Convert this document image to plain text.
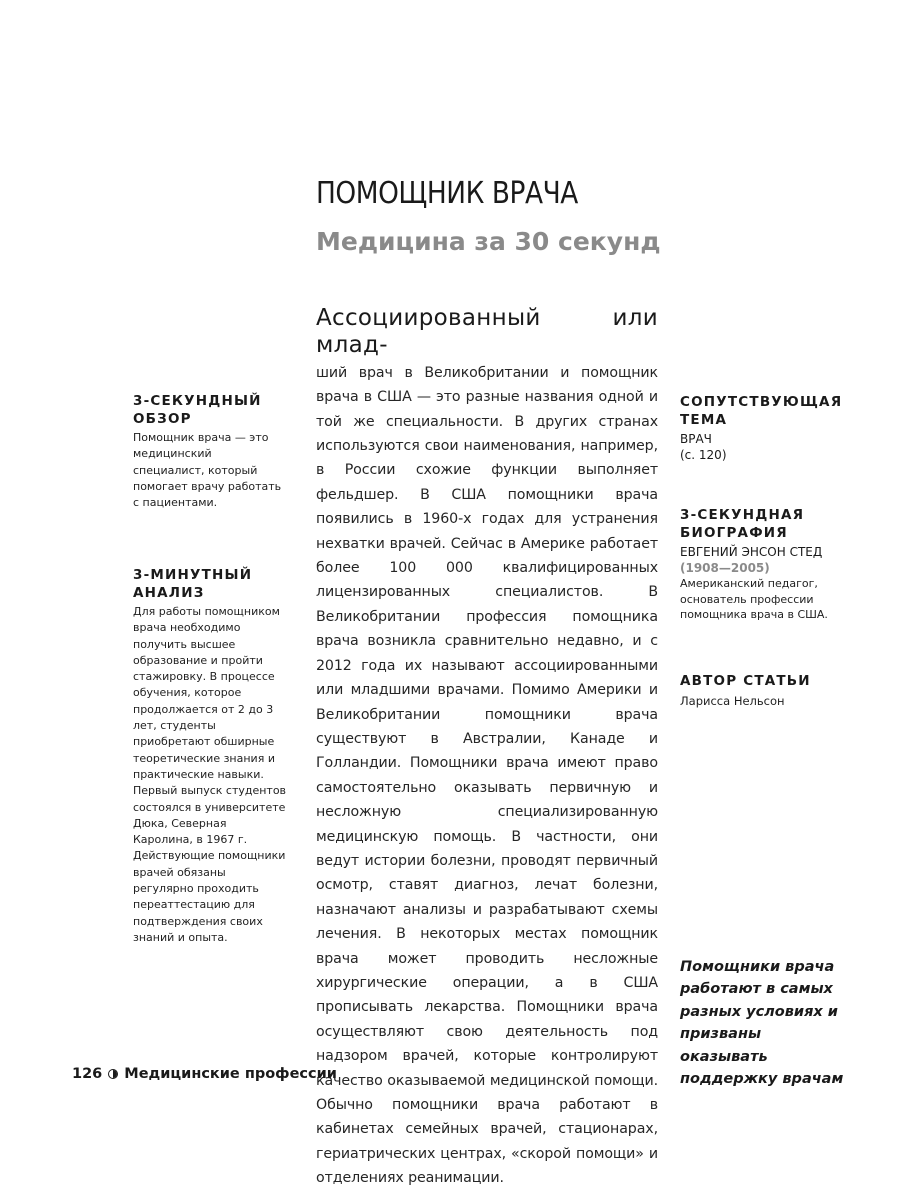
ПОМОЩНИК ВРАЧА
Медицина за 30 секунд

3-СЕКУНДНЫЙ

ОБЗОР

Помощник врача — это медицинский специалист, который помогает врачу работать с пациентами.

3-МИНУТНЫЙ

АНАЛИЗ

Для работы помощником врача необходимо получить высшее образование и пройти стажировку. В процессе обучения, которое продолжается от 2 до 3 лет, студенты приобретают обширные теоретические знания и практические навыки. Первый выпуск студентов состоялся в университете Дюка, Северная Каролина, в 1967 г. Действующие помощники врачей обязаны регулярно проходить переаттестацию для подтверждения своих знаний и опыта.

Ассоциированный или млад-
ший врач в Великобритании и помощник врача в США — это разные названия одной и той же специальности. В других странах используются свои наименования, например, в России схожие функции выполняет фельдшер. В США помощники врача появились в 1960-х годах для устранения нехватки врачей. Сейчас в Америке работает более 100 000 квалифицированных лицензированных специалистов. В Великобритании профессия помощника врача возникла сравнительно недавно, и с 2012 года их называют ассоциированными или младшими врачами. Помимо Америки и Великобритании помощники врача существуют в Австралии, Канаде и Голландии. Помощники врача имеют право самостоятельно оказывать первичную и несложную специализированную медицинскую помощь. В частности, они ведут истории болезни, проводят первичный осмотр, ставят диагноз, лечат болезни, назначают анализы и разрабатывают схемы лечения. В некоторых местах помощник врача может проводить несложные хирургические операции, а в США прописывать лекарства. Помощники врача осуществляют свою деятельность под надзором врачей, которые контролируют качество оказываемой медицинской помощи. Обычно помощники врача работают в кабинетах семейных врачей, стационарах, гериатрических центрах, «скорой помощи» и отделениях реанимации.

СОПУТСТВУЮЩАЯ

ТЕМА

ВРАЧ

(с. 120)

3-СЕКУНДНАЯ

БИОГРАФИЯ

ЕВГЕНИЙ ЭНСОН СТЕД

(1908—2005)

Американский педагог, основатель профессии помощника врача в США.

АВТОР СТАТЬИ

Ларисса Нельсон

Помощники врача работают в самых разных условиях и призваны оказывать поддержку врачам

126 Медицинские профессии
